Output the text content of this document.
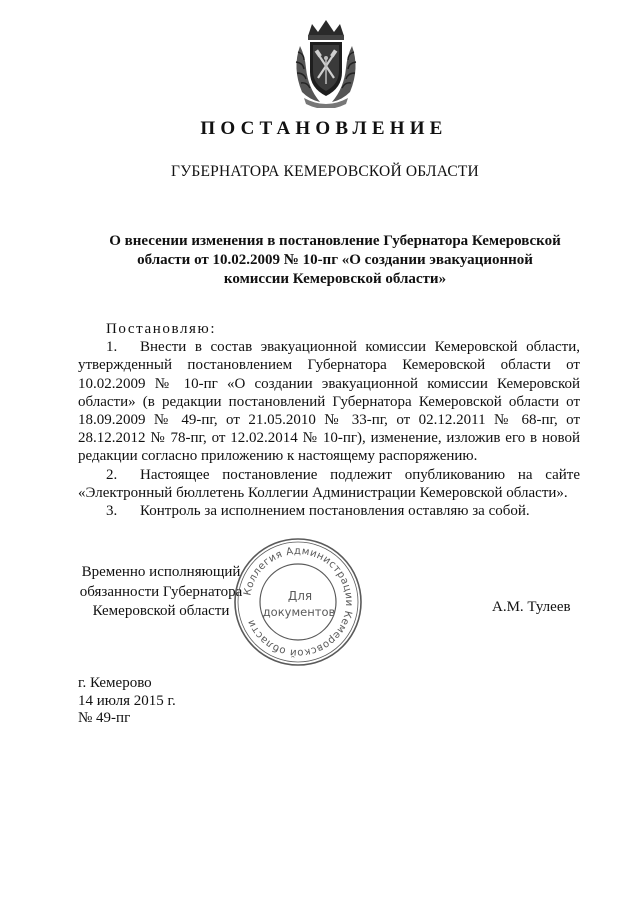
ПОСТАНОВЛЕНИЕ
ГУБЕРНАТОРА КЕМЕРОВСКОЙ ОБЛАСТИ
О внесении изменения в постановление Губернатора Кемеровской
области от 10.02.2009 № 10-пг «О создании эвакуационной
комиссии Кемеровской области»
Постановляю:

1. Внести в состав эвакуационной комиссии Кемеровской области, утвержденный постановлением Губернатора Кемеровской области от 10.02.2009 № 10-пг «О создании эвакуационной комиссии Кемеровской области» (в редакции постановлений Губернатора Кемеровской области от 18.09.2009 № 49-пг, от 21.05.2010 № 33-пг, от 02.12.2011 № 68-пг, от 28.12.2012 № 78-пг, от 12.02.2014 № 10-пг), изменение, изложив его в новой редакции согласно приложению к настоящему распоряжению.

2. Настоящее постановление подлежит опубликованию на сайте «Электронный бюллетень Коллегии Администрации Кемеровской области».

3. Контроль за исполнением постановления оставляю за собой.

Временно исполняющий
обязанности Губернатора
Кемеровской области
Коллегия Администрации Кемеровской области
Для
документов	А.М. Тулеев
г. Кемерово
14 июля 2015 г.
№ 49-пг
